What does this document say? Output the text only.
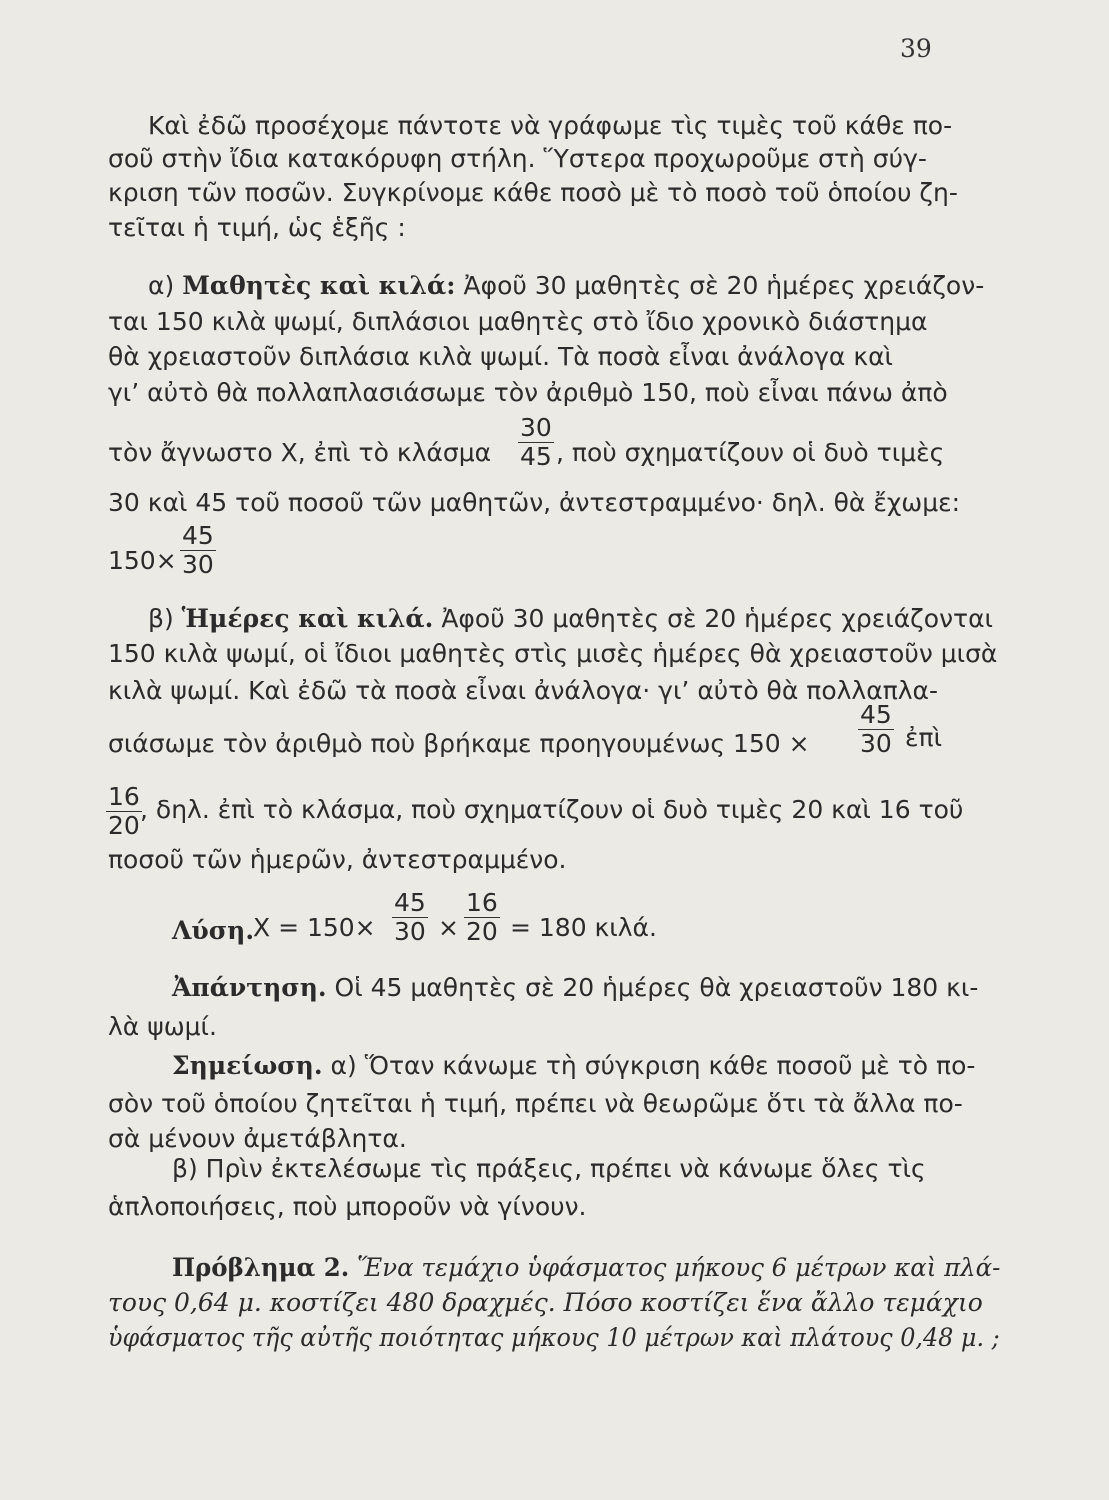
39
Καὶ ἐδῶ προσέχομε πάντοτε νὰ γράφωμε τὶς τιμὲς τοῦ κάθε πο-
σοῦ στὴν ἴδια κατακόρυφη στήλη. Ὕστερα προχωροῦμε στὴ σύγ-
κριση τῶν ποσῶν. Συγκρίνομε κάθε ποσὸ μὲ τὸ ποσὸ τοῦ ὁποίου ζη-
τεῖται ἡ τιμή, ὡς ἑξῆς :
α) Μαθητὲς καὶ κιλά: Ἀφοῦ 30 μαθητὲς σὲ 20 ἡμέρες χρειάζον-
ται 150 κιλὰ ψωμί, διπλάσιοι μαθητὲς στὸ ἴδιο χρονικὸ διάστημα
θὰ χρειαστοῦν διπλάσια κιλὰ ψωμί. Τὰ ποσὰ εἶναι ἀνάλογα καὶ
γι’ αὐτὸ θὰ πολλαπλασιάσωμε τὸν ἀριθμὸ 150, ποὺ εἶναι πάνω ἀπὸ
τὸν ἄγνωστο Χ, ἐπὶ τὸ κλάσμα $\frac{30}{45}$ , ποὺ σχηματίζουν οἱ δυὸ τιμὲς
30 καὶ 45 τοῦ ποσοῦ τῶν μαθητῶν, ἀντεστραμμένο· δηλ. θὰ ἔχωμε:
$150\times \frac{45}{30}$
β) Ἡμέρες καὶ κιλά. Ἀφοῦ 30 μαθητὲς σὲ 20 ἡμέρες χρειάζονται
150 κιλὰ ψωμί, οἱ ἴδιοι μαθητὲς στὶς μισὲς ἡμέρες θὰ χρειαστοῦν μισὰ
κιλὰ ψωμί. Καὶ ἐδῶ τὰ ποσὰ εἶναι ἀνάλογα· γι’ αὐτὸ θὰ πολλαπλα-
σιάσωμε τὸν ἀριθμὸ ποὺ βρήκαμε προηγουμένως $150 \times \frac{45}{30}$ ἐπὶ
$\frac{16}{20}$
, δηλ. ἐπὶ τὸ κλάσμα, ποὺ σχηματίζουν οἱ δυὸ τιμὲς 20 καὶ 16 τοῦ
ποσοῦ τῶν ἡμερῶν, ἀντεστραμμένο.
Λύση.
$X = 150\times \frac{45}{30} \times \frac{16}{20} = 180$ κιλά.
Ἀπάντηση. Οἱ 45 μαθητὲς σὲ 20 ἡμέρες θὰ χρειαστοῦν 180 κι-
λὰ ψωμί.
Σημείωση. α) Ὅταν κάνωμε τὴ σύγκριση κάθε ποσοῦ μὲ τὸ πο-
σὸν τοῦ ὁποίου ζητεῖται ἡ τιμή, πρέπει νὰ θεωρῶμε ὅτι τὰ ἄλλα πο-
σὰ μένουν ἀμετάβλητα.
β) Πρὶν ἐκτελέσωμε τὶς πράξεις, πρέπει νὰ κάνωμε ὅλες τὶς
ἁπλοποιήσεις, ποὺ μποροῦν νὰ γίνουν.
Πρόβλημα 2. Ἕνα τεμάχιο ὑφάσματος μήκους 6 μέτρων καὶ πλά-
τους 0,64 μ. κοστίζει 480 δραχμές. Πόσο κοστίζει ἕνα ἄλλο τεμάχιο
ὑφάσματος τῆς αὐτῆς ποιότητας μήκους 10 μέτρων καὶ πλάτους 0,48 μ. ;
